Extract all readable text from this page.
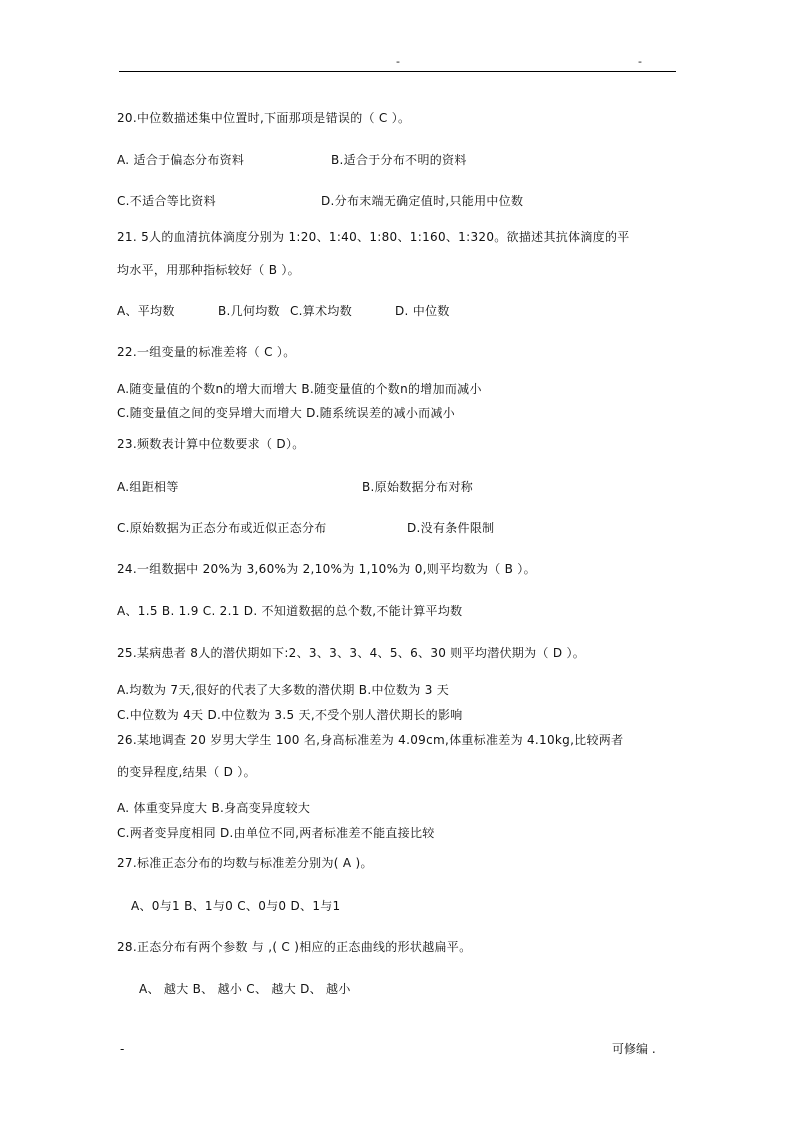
-	-
20.中位数描述集中位置时,下面那项是错误的（ C ）。
A. 适合于偏态分布资料	B.适合于分布不明的资料
C.不适合等比资料	D.分布末端无确定值时,只能用中位数
21. 5人的血清抗体滴度分别为 1:20、1:40、1:80、1:160、1:320。欲描述其抗体滴度的平
均水平，用那种指标较好（ B ）。
A、平均数	B.几何均数 C.算术均数	D. 中位数
22.一组变量的标准差将（ C ）。
A.随变量值的个数n的增大而增大 B.随变量值的个数n的增加而减小
C.随变量值之间的变异增大而增大 D.随系统误差的减小而减小
23.频数表计算中位数要求（ D）。
A.组距相等	B.原始数据分布对称
C.原始数据为正态分布或近似正态分布	D.没有条件限制
24.一组数据中 20%为 3,60%为 2,10%为 1,10%为 0,则平均数为（ B ）。
A、1.5 B. 1.9 C. 2.1 D. 不知道数据的总个数,不能计算平均数
25.某病患者 8人的潜伏期如下:2、3、3、3、4、5、6、30 则平均潜伏期为（ D ）。
A.均数为 7天,很好的代表了大多数的潜伏期 B.中位数为 3 天
C.中位数为 4天 D.中位数为 3.5 天,不受个别人潜伏期长的影响
26.某地调查 20 岁男大学生 100 名,身高标准差为 4.09cm,体重标准差为 4.10kg,比较两者
的变异程度,结果（ D ）。
A. 体重变异度大 B.身高变异度较大
C.两者变异度相同 D.由单位不同,两者标准差不能直接比较
27.标准正态分布的均数与标准差分别为( A )。
A、0与1 B、1与0 C、0与0 D、1与1
28.正态分布有两个参数 与 ,( C )相应的正态曲线的形状越扁平。
A、 越大 B、 越小 C、 越大 D、 越小
-	可修编 .
